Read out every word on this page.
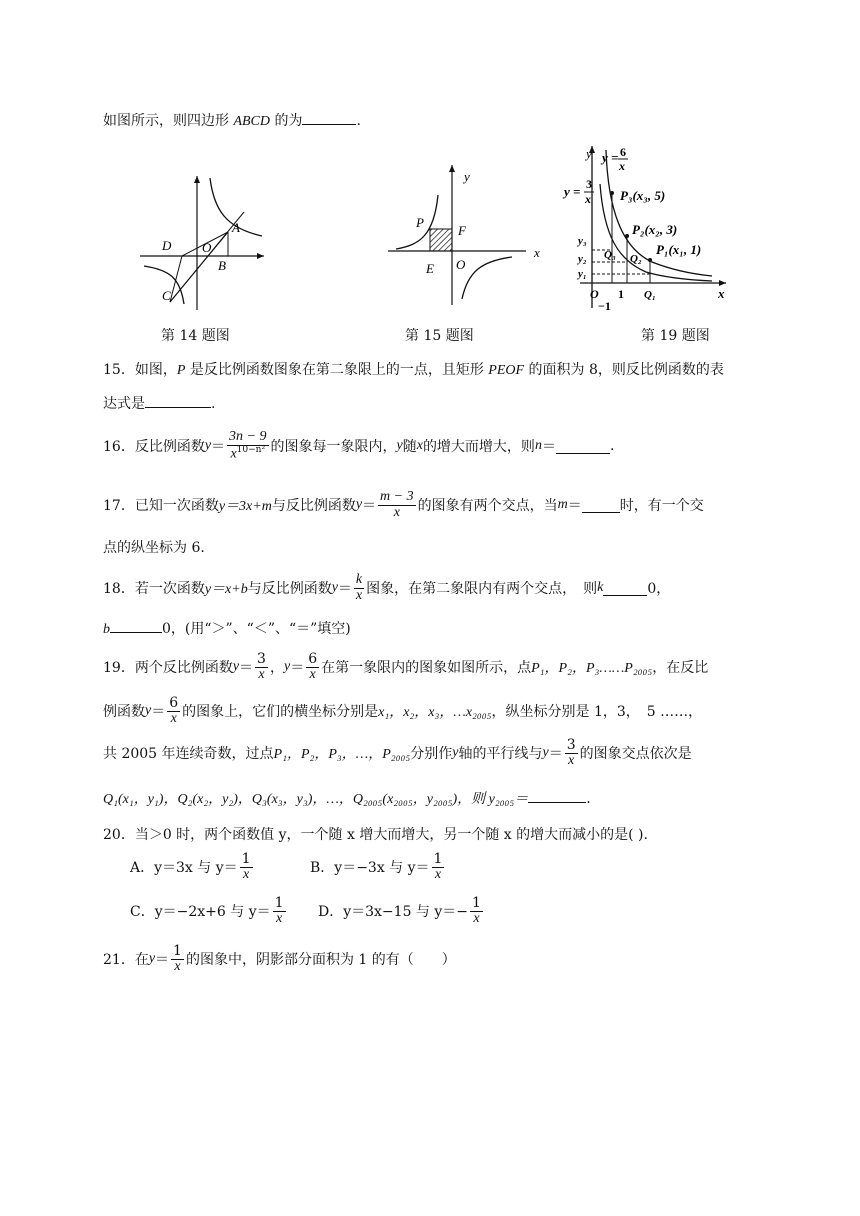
如图所示，则四边形 ABCD 的为	.
D O
A
B
C
第 14 题图
y
P
F
E O
x
第 15 题图
y y = 6
x
y = 3
x P₃(x₃, 5)
P₂(x₂, 3)
P₁(x₁, 1)
Q₃ Q₂
Q₁
y₃
y₂
y₁
O 1
−1
x
第 19 题图
15．如图，P 是反比例函数图象在第二象限上的一点，且矩形 PEOF 的面积为 8，则反比例函数的表
达式是	.
16．反比例函数 $y = \frac{3n - 9}{x^{10-n^2}}$ 的图象每一象限内， y 随 x 的增大而增大，则 n ＝	.
17．已知一次函数 y＝3x+m 与反比例函数 $y = \frac{m - 3}{x}$ 的图象有两个交点，当 m ＝	时，有一个交
点的纵坐标为 6.
18．若一次函数 y＝x+b 与反比例函数 $y = \frac{k}{x}$ 图象，在第二象限内有两个交点，　则 k	0，
b	0，(用“＞”、“＜”、“＝”填空)
19．两个反比例函数 $y = \frac{3}{x}$ ， $y = \frac{6}{x}$ 在第一象限内的图象如图所示，点 P₁，P₂，P₃……P₂₀₀₅ ，在反比
例函数 $y = \frac{6}{x}$ 的图象上，它们的横坐标分别是 x₁，x₂，x₃，…x₂₀₀₅ ，纵坐标分别是 1，3，　5 ……，
共 2005 年连续奇数，过点 P₁，P₂，P₃，…，P₂₀₀₅ 分别作 y 轴的平行线与 $y = \frac{3}{x}$ 的图象交点依次是
Q₁(x₁，y₁)，Q₂(x₂，y₂)，Q₃(x₃，y₃)，…，Q₂₀₀₅(x₂₀₀₅，y₂₀₀₅)，则 y₂₀₀₅＝	.
20．当＞0 时，两个函数值 y，一个随 x 增大而增大，另一个随 x 的增大而减小的是( ).
A．y＝3x 与 $y= \frac{1}{x}$	B．y＝−3x 与 $y= \frac{1}{x}$
C．y＝−2x+6 与 $y= \frac{1}{x}$ D．y＝3x−15 与 $y=- \frac{1}{x}$
21．在 $y = \frac{1}{x}$ 的图象中，阴影部分面积为 1 的有（　　）
